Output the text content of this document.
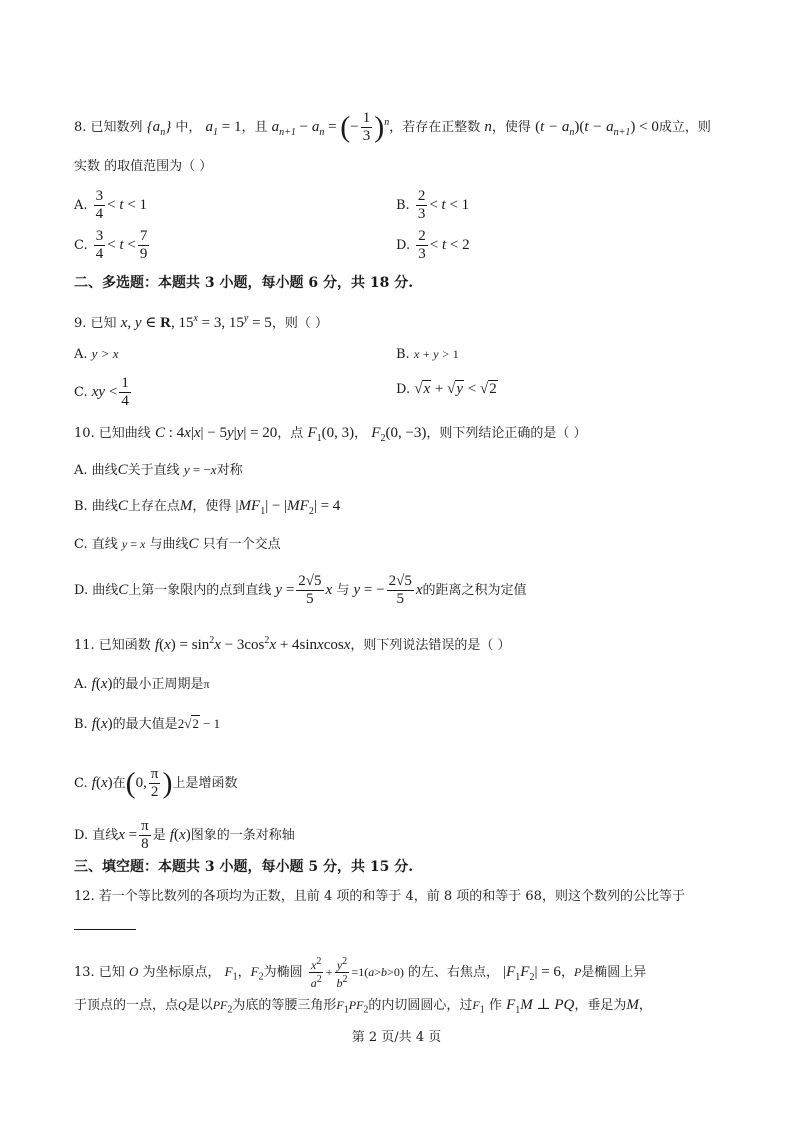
8. 已知数列 $\{a_n\}$ 中， $a_1 = 1$，且 $a_{n+1} - a_n$ = (− $\frac{1}{3} )^n$，若存在正整数 n，使得 $(t - a_n)(t - a_{n+1}) < 0$成立，则
实数 的取值范围为（ ）
A. $\frac{3}{4} < t < 1$	B. $\frac{2}{3} < t < 1$
C. $\frac{3}{4} < t < \frac{7}{9}$	D. $\frac{2}{3} < t < 2$
二、多选题：本题共 3 小题，每小题 6 分，共 18 分.
9. 已知 x, y ∈ R, $15^x = 3$, $15^y = 5$，则（ ）
A. y > x	B. x + y > 1
C. xy < $\frac{1}{4}$	D. √x + √y < √2
10. 已知曲线 C : 4x|x| − 5y|y| = 20，点 $F_1(0$, 3)， $F_2(0$, −3)，则下列结论正确的是（ ）
A. 曲线C关于直线 y = −x对称
B. 曲线C上存在点M，使得 $|MF_1| - |MF_2| = 4$
C. 直线 y = x 与曲线C 只有一个交点
D. 曲线C上第一象限内的点到直线 $y = \frac{2√5}{5}$ x 与 y = − $\frac{2√5}{5}$ x的距离之积为定值
11. 已知函数 $f(x) = \sin^2x - 3\cos^2x$ + 4sinxcosx，则下列说法错误的是（ ）
A. f(x)的最小正周期是π
B. f(x)的最大值是2√2 − 1
C. f(x)在(0, $\frac{\pi}{2}$ )上是增函数
D. 直线$x = \frac{\pi}{8}$ 是 f(x)图象的一条对称轴
三、填空题：本题共 3 小题，每小题 5 分，共 15 分.
12. 若一个等比数列的各项均为正数，且前 4 项的和等于 4，前 8 项的和等于 68，则这个数列的公比等于
13. 已知 O 为坐标原点， $F_1$，$F_2$为椭圆 $\frac{x^2}{a^2} + \frac{y^2}{b^2} =1(a>b>0)$ 的左、右焦点， $|F_1F_2| = 6$，P是椭圆上异
于顶点的一点，点Q是以$PF_2$为底的等腰三角形$F_1PF_2$的内切圆圆心，过$F_1$ 作 $F_1M$ ⊥ PQ，垂足为M，
第 2 页/共 4 页
